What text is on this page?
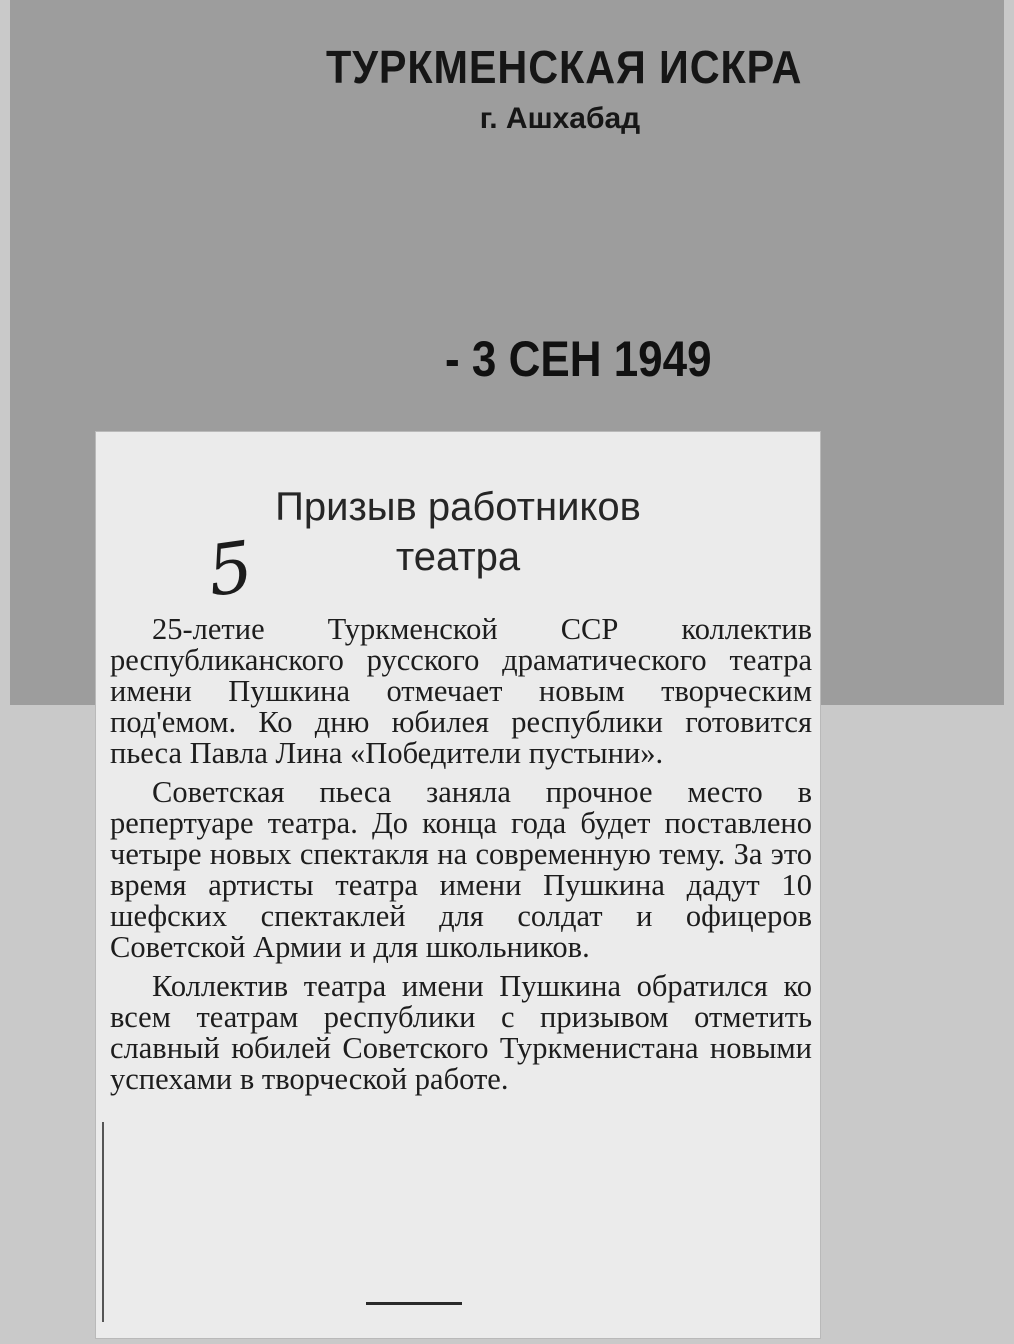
ТУРКМЕНСКАЯ ИСКРА
г. Ашхабад
- 3 СЕН 1949
Призыв работников
театра
5

25-летие Туркменской ССР коллектив республиканского русского драматического театра имени Пушкина отмечает новым творческим под'емом. Ко дню юбилея республики готовится пьеса Павла Лина «Победители пустыни».

Советская пьеса заняла прочное место в репертуаре театра. До конца года будет поставлено четыре новых спектакля на современную тему. За это время артисты театра имени Пушкина дадут 10 шефских спектаклей для солдат и офицеров Советской Армии и для школьников.

Коллектив театра имени Пушкина обратился ко всем театрам республики с призывом отметить славный юбилей Советского Туркменистана новыми успехами в творческой работе.
